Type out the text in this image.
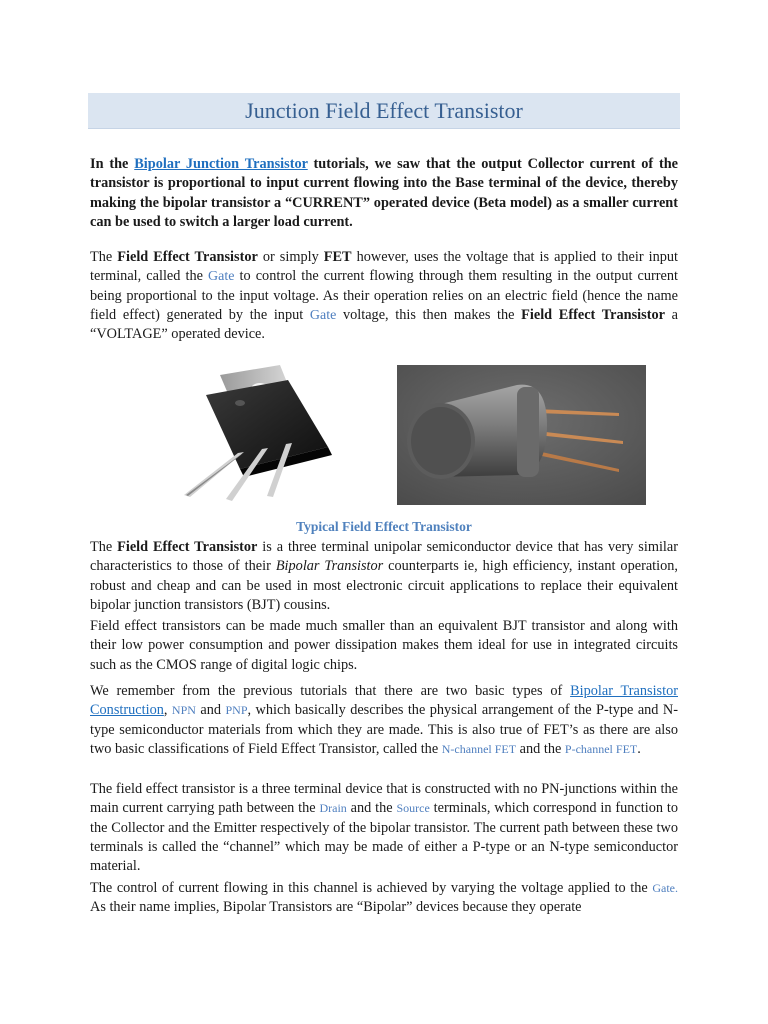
Junction Field Effect Transistor

In the Bipolar Junction Transistor tutorials, we saw that the output Collector current of the transistor is proportional to input current flowing into the Base terminal of the device, thereby making the bipolar transistor a “CURRENT” operated device (Beta model) as a smaller current can be used to switch a larger load current.

The Field Effect Transistor or simply FET however, uses the voltage that is applied to their input terminal, called the Gate to control the current flowing through them resulting in the output current being proportional to the input voltage. As their operation relies on an electric field (hence the name field effect) generated by the input Gate voltage, this then makes the Field Effect Transistor a “VOLTAGE” operated device.

Typical Field Effect Transistor

The Field Effect Transistor is a three terminal unipolar semiconductor device that has very similar characteristics to those of their Bipolar Transistor counterparts ie, high efficiency, instant operation, robust and cheap and can be used in most electronic circuit applications to replace their equivalent bipolar junction transistors (BJT) cousins.

Field effect transistors can be made much smaller than an equivalent BJT transistor and along with their low power consumption and power dissipation makes them ideal for use in integrated circuits such as the CMOS range of digital logic chips.

We remember from the previous tutorials that there are two basic types of Bipolar Transistor Construction, NPN and PNP, which basically describes the physical arrangement of the P-type and N-type semiconductor materials from which they are made. This is also true of FET’s as there are also two basic classifications of Field Effect Transistor, called the N-channel FET and the P-channel FET.

The field effect transistor is a three terminal device that is constructed with no PN-junctions within the main current carrying path between the Drain and the Source terminals, which correspond in function to the Collector and the Emitter respectively of the bipolar transistor. The current path between these two terminals is called the “channel” which may be made of either a P-type or an N-type semiconductor material.

The control of current flowing in this channel is achieved by varying the voltage applied to the Gate. As their name implies, Bipolar Transistors are “Bipolar” devices because they operate
